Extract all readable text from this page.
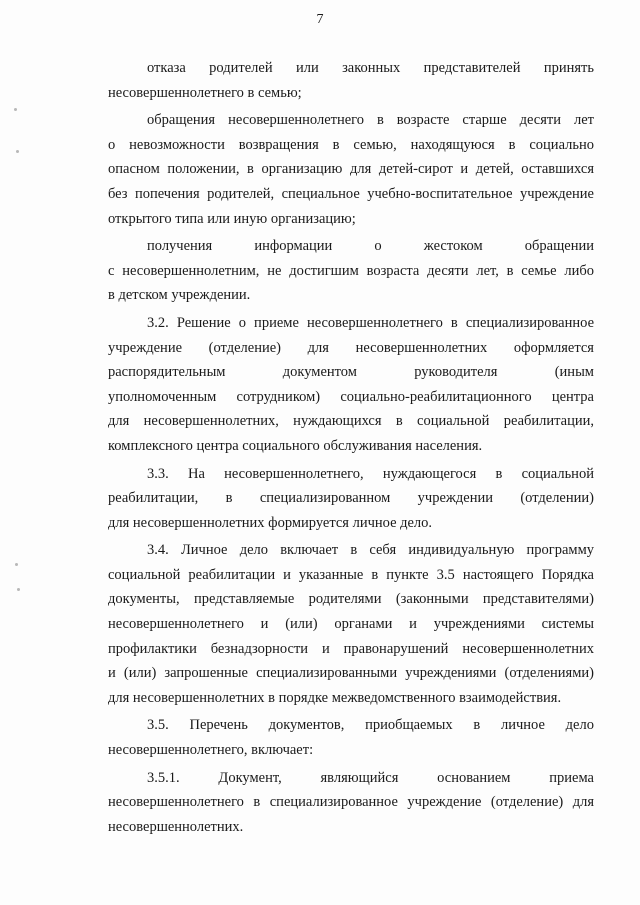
7
отказа родителей или законных представителей принять
несовершеннолетнего в семью;
обращения несовершеннолетнего в возрасте старше десяти лет
о невозможности возвращения в семью, находящуюся в социально
опасном положении, в организацию для детей-сирот и детей, оставшихся
без попечения родителей, специальное учебно-воспитательное учреждение
открытого типа или иную организацию;
получения	информации	о	жестоком	обращении
с несовершеннолетним, не достигшим возраста десяти лет, в семье либо
в детском учреждении.
3.2. Решение о приеме несовершеннолетнего в специализированное
учреждение (отделение) для несовершеннолетних оформляется
распорядительным	документом	руководителя	(иным
уполномоченным сотрудником) социально-реабилитационного центра
для несовершеннолетних, нуждающихся в социальной реабилитации,
комплексного центра социального обслуживания населения.
3.3. На несовершеннолетнего, нуждающегося в социальной
реабилитации, в специализированном учреждении (отделении)
для несовершеннолетних формируется личное дело.
3.4. Личное дело включает в себя индивидуальную программу
социальной реабилитации и указанные в пункте 3.5 настоящего Порядка
документы, представляемые родителями (законными представителями)
несовершеннолетнего и (или) органами и учреждениями системы
профилактики безнадзорности и правонарушений несовершеннолетних
и (или) запрошенные специализированными учреждениями (отделениями)
для несовершеннолетних в порядке межведомственного взаимодействия.
3.5. Перечень документов, приобщаемых в личное дело
несовершеннолетнего, включает:
3.5.1.	Документ,	являющийся	основанием	приема
несовершеннолетнего в специализированное учреждение (отделение) для
несовершеннолетних.
